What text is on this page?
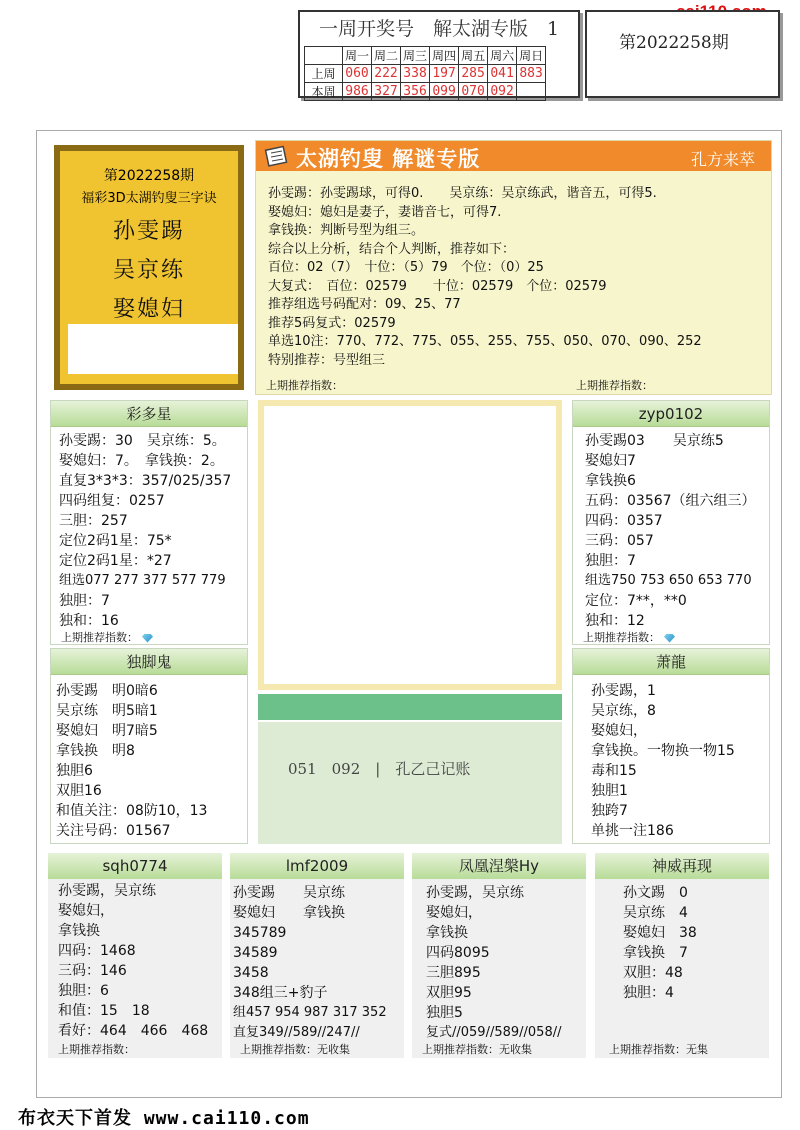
一周开奖号　解太湖专版　1
	周一	周二	周三	周四	周五	周六	周日
上周	060	222	338	197	285	041	883
本周	986	327	356	099	070	092	
第2022258期
第2022258期
福彩3D太湖钓叟三字诀
孙雯踢
吴京练
娶媳妇
太湖钓叟 解谜专版	孔方来萃
孙雯踢：孙雯踢球，可得0.　　吴京练：吴京练武，谐音五，可得5.
娶媳妇：媳妇是妻子，妻谐音七，可得7.
拿钱换：判断号型为组三。
综合以上分析，结合个人判断，推荐如下：
百位：02（7）　十位：（5）79　个位：（0）25
大复式：　百位：02579　　十位：02579　个位：02579
推荐组选号码配对：09、25、77
推荐5码复式：02579
单选10注：770、772、775、055、255、755、050、070、090、252
特别推荐：号型组三
上期推荐指数：	上期推荐指数：
彩多星
孙雯踢：30　吴京练：5。
娶媳妇：7。　拿钱换：2。
直复3*3*3：357/025/357
四码组复：0257
三胆：257
定位2码1星：75*
定位2码1星：*27
组选077 277 377 577 779
独胆：7
独和：16
上期推荐指数：
zyp0102
孙雯踢03　　吴京练5
娶媳妇7
拿钱换6
五码：03567（组六组三）
四码：0357
三码：057
独胆：7
组选750 753 650 653 770
定位：7**，**0
独和：12
上期推荐指数：
051　092　|　孔乙己记账
独脚鬼
孙雯踢　明0暗6
吴京练　明5暗1
娶媳妇　明7暗5
拿钱换　明8
独胆6
双胆16
和值关注：08防10，13
关注号码：01567
萧龍
孙雯踢，1
吴京练，8
娶媳妇，
拿钱换。一物换一物15
毒和15
独胆1
独跨7
单挑一注186
sqh0774
孙雯踢，吴京练
娶媳妇，
拿钱换
四码：1468
三码：146
独胆：6
和值：15　18
看好：464　466　468
上期推荐指数：
lmf2009
孙雯踢　　吴京练
娶媳妇　　拿钱换
345789
34589
3458
348组三+豹子
组457 954 987 317 352
直复349//589//247//
上期推荐指数：无收集
凤凰涅槃Hy
孙雯踢，吴京练
娶媳妇，
拿钱换
四码8095
三胆895
双胆95
独胆5
复式//059//589//058//
上期推荐指数：无收集
神威再现
孙文踢　0
吴京练　4
娶媳妇　38
拿钱换　7
双胆：48
独胆：4
上期推荐指数：无集
布衣天下首发 www.cai110.com
